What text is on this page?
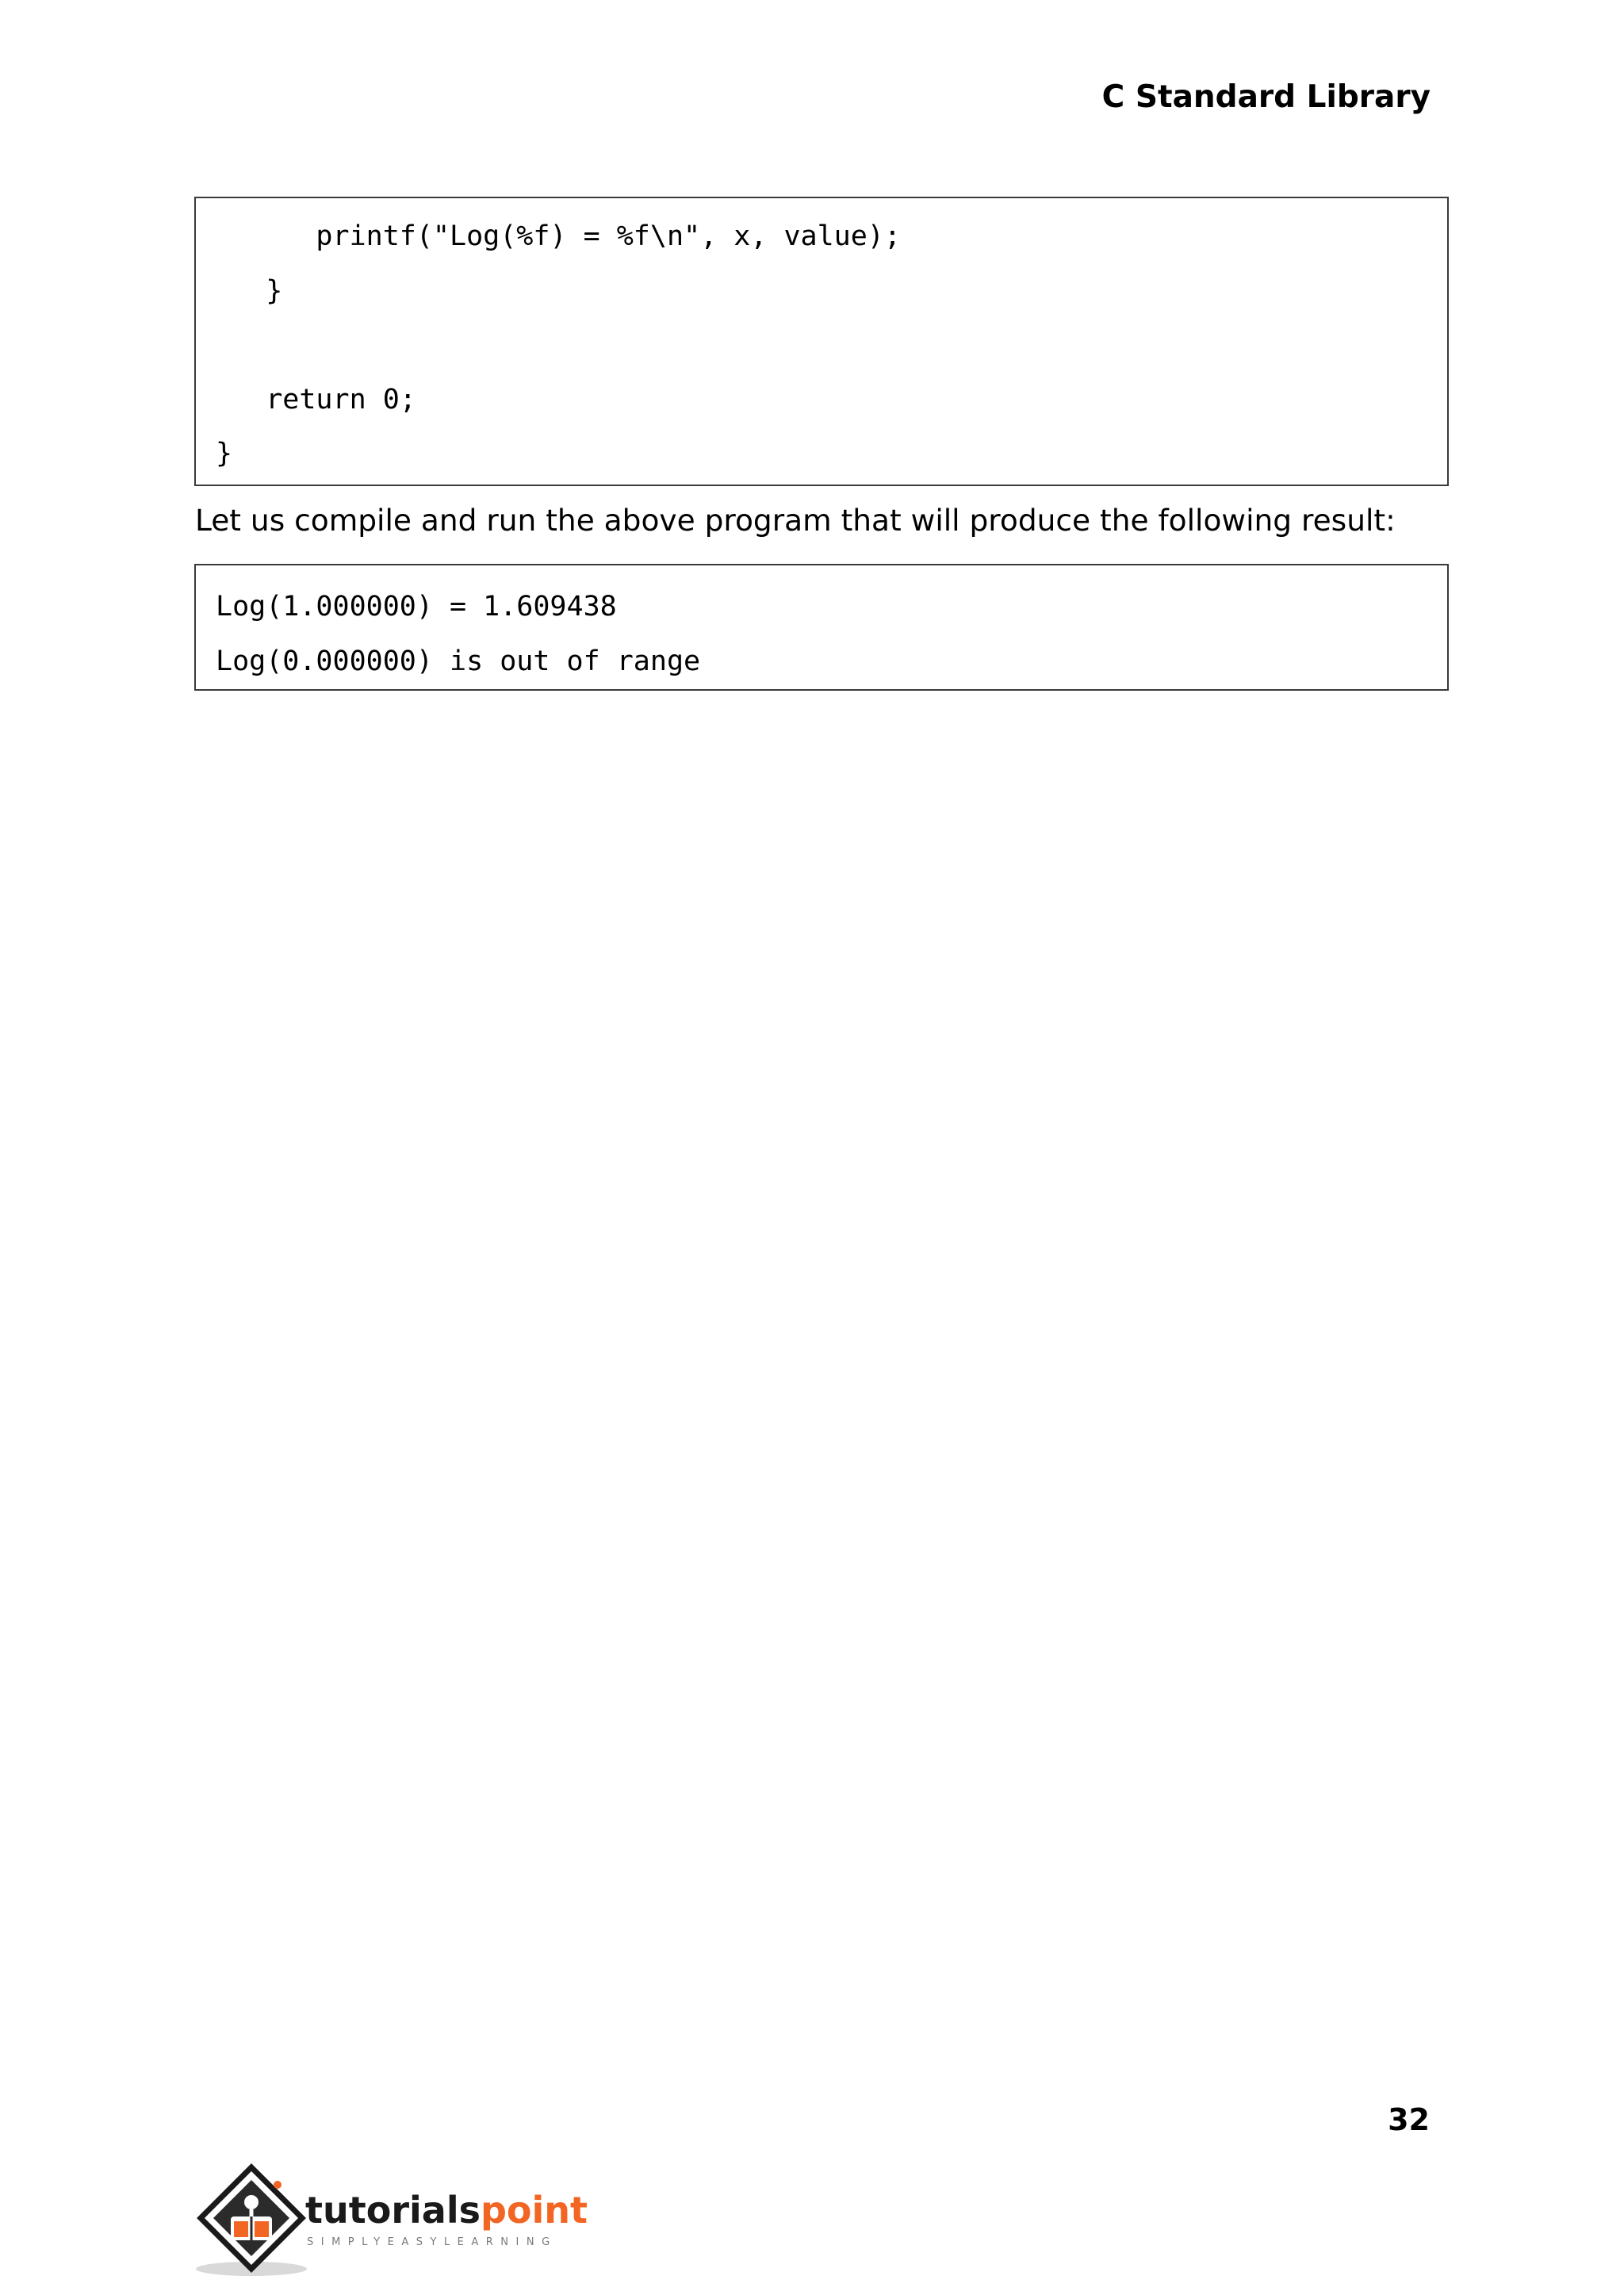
C Standard Library
printf("Log(%f) = %f\n", x, value);
}
return 0;
}

Let us compile and run the above program that will produce the following result:

Log(1.000000) = 1.609438
Log(0.000000) is out of range
32
tutorials point
SIMPLYEASYLEARNING
